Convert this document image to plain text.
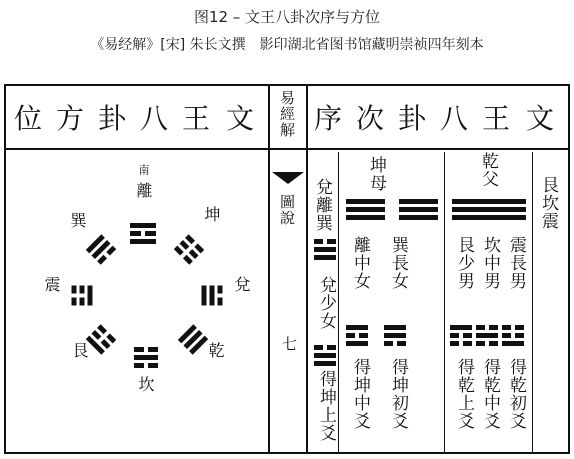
图12 – 文王八卦次序与方位
《易经解》[宋] 朱长文撰　影印湖北省图书馆藏明崇祯四年刻本
位 方 卦 八 王 文 易經解
圖說
七
序 次 卦 八 王 文
南
離
坤
兌
乾
坎
艮
震
巽	兌離巽
坤母
艮坎震
乾父
兌少女
得坤上爻
離中女
得坤中爻
巽長女
得坤初爻
艮少男
得乾上爻
坎中男
得乾中爻
震長男
得乾初爻
